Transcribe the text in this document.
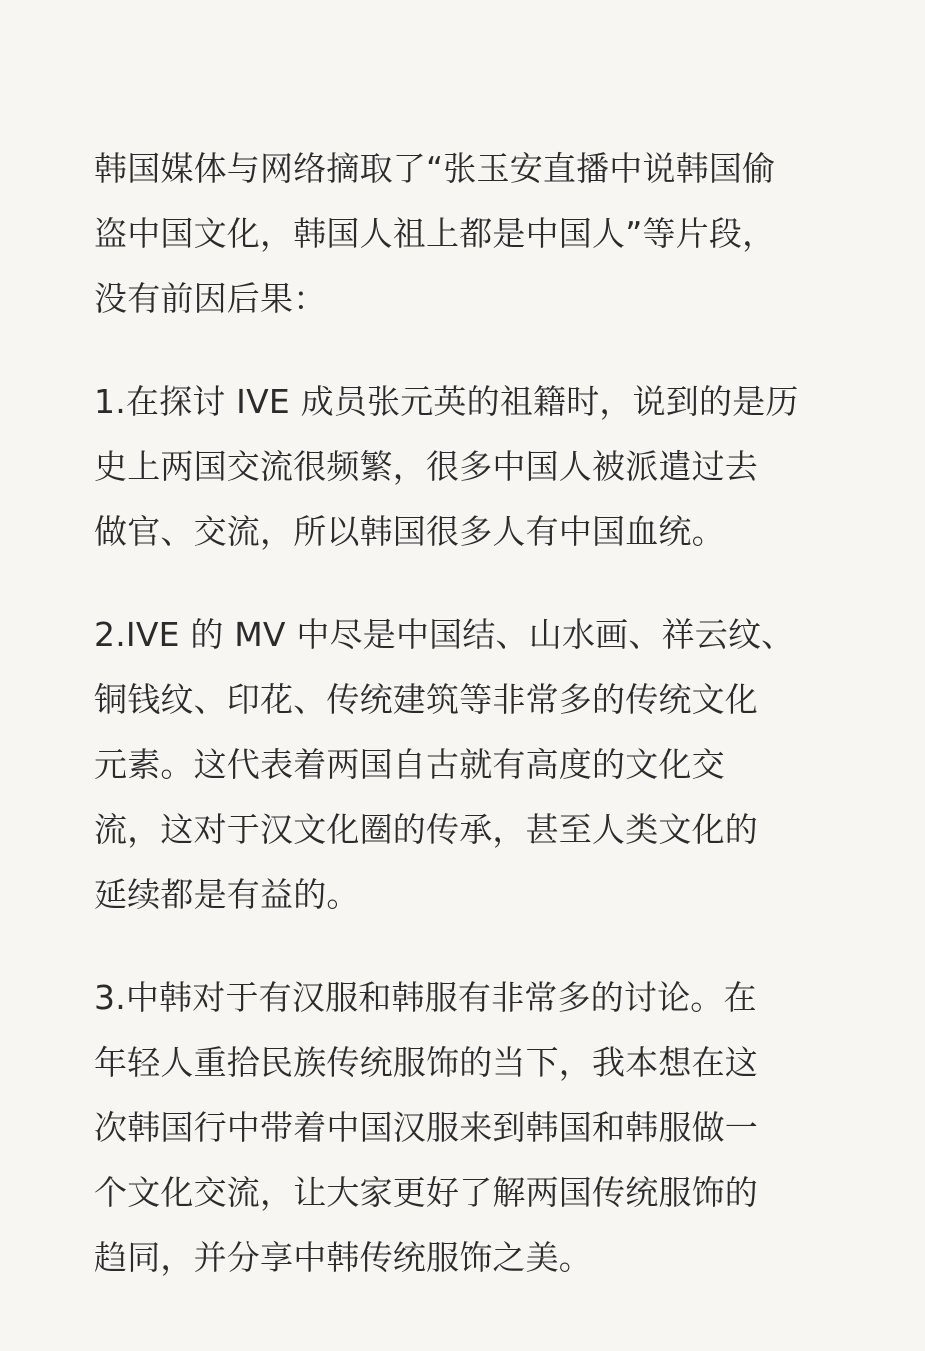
韩国媒体与网络摘取了“张玉安直播中说韩国偷
盗中国文化，韩国人祖上都是中国人”等片段，
没有前因后果：

1.在探讨 IVE 成员张元英的祖籍时，说到的是历
史上两国交流很频繁，很多中国人被派遣过去
做官、交流，所以韩国很多人有中国血统。

2.IVE 的 MV 中尽是中国结、山水画、祥云纹、
铜钱纹、印花、传统建筑等非常多的传统文化
元素。这代表着两国自古就有高度的文化交
流，这对于汉文化圈的传承，甚至人类文化的
延续都是有益的。

3.中韩对于有汉服和韩服有非常多的讨论。在
年轻人重拾民族传统服饰的当下，我本想在这
次韩国行中带着中国汉服来到韩国和韩服做一
个文化交流，让大家更好了解两国传统服饰的
趋同，并分享中韩传统服饰之美。
